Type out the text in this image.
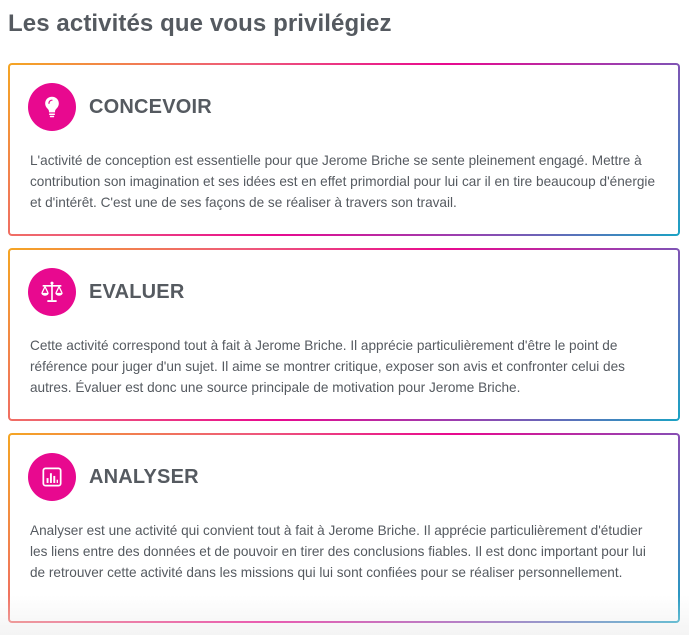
Les activités que vous privilégiez
CONCEVOIR

L'activité de conception est essentielle pour que Jerome Briche se sente pleinement engagé. Mettre à contribution son imagination et ses idées est en effet primordial pour lui car il en tire beaucoup d'énergie et d'intérêt. C'est une de ses façons de se réaliser à travers son travail.

EVALUER

Cette activité correspond tout à fait à Jerome Briche. Il apprécie particulièrement d'être le point de référence pour juger d'un sujet. Il aime se montrer critique, exposer son avis et confronter celui des autres. Évaluer est donc une source principale de motivation pour Jerome Briche.

ANALYSER

Analyser est une activité qui convient tout à fait à Jerome Briche. Il apprécie particulièrement d'étudier les liens entre des données et de pouvoir en tirer des conclusions fiables. Il est donc important pour lui de retrouver cette activité dans les missions qui lui sont confiées pour se réaliser personnellement.
